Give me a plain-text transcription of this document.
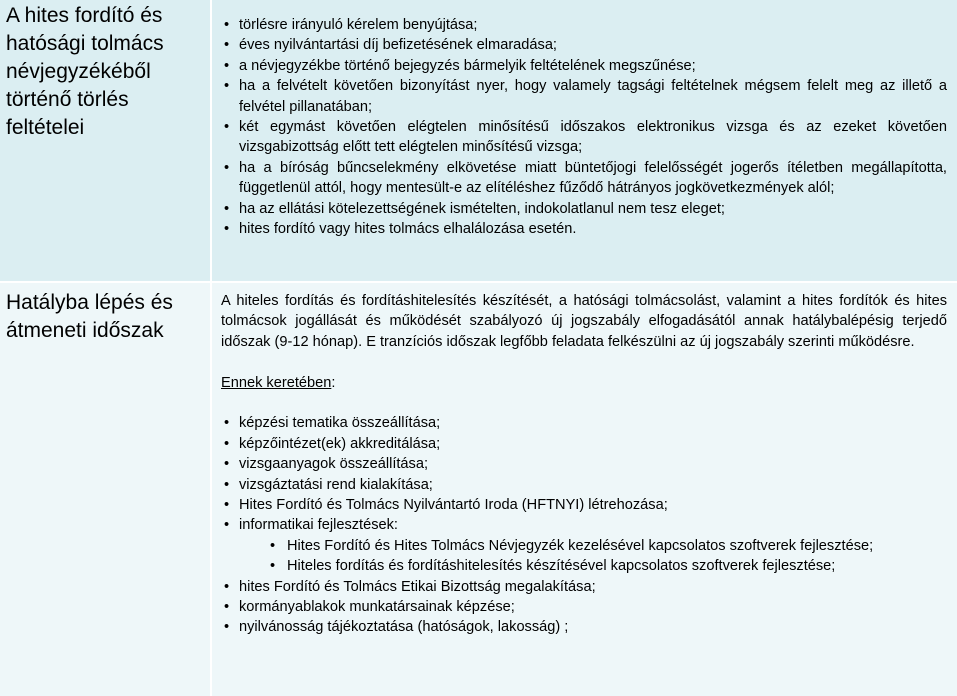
A hites fordító és hatósági tolmács névjegyzékéből történő törlés feltételei
• törlésre irányuló kérelem benyújtása;
• éves nyilvántartási díj befizetésének elmaradása;
• a névjegyzékbe történő bejegyzés bármelyik feltételének megszűnése;
• ha a felvételt követően bizonyítást nyer, hogy valamely tagsági feltételnek mégsem felelt meg az illető a felvétel pillanatában;
• két egymást követően elégtelen minősítésű időszakos elektronikus vizsga és az ezeket követően vizsgabizottság előtt tett elégtelen minősítésű vizsga;
• ha a bíróság bűncselekmény elkövetése miatt büntetőjogi felelősségét jogerős ítéletben megállapította, függetlenül attól, hogy mentesült-e az elítéléshez fűződő hátrányos jogkövetkezmények alól;
• ha az ellátási kötelezettségének ismételten, indokolatlanul nem tesz eleget;
• hites fordító vagy hites tolmács elhalálozása esetén.
Hatályba lépés és átmeneti időszak

A hiteles fordítás és fordításhitelesítés készítését, a hatósági tolmácsolást, valamint a hites fordítók és hites tolmácsok jogállását és működését szabályozó új jogszabály elfogadásától annak hatálybalépésig terjedő időszak (9-12 hónap). E tranzíciós időszak legfőbb feladata felkészülni az új jogszabály szerinti működésre.

Ennek keretében:

• képzési tematika összeállítása;
• képzőintézet(ek) akkreditálása;
• vizsgaanyagok összeállítása;
• vizsgáztatási rend kialakítása;
• Hites Fordító és Tolmács Nyilvántartó Iroda (HFTNYI) létrehozása;
• informatikai fejlesztések:
• Hites Fordító és Hites Tolmács Névjegyzék kezelésével kapcsolatos szoftverek fejlesztése;
• Hiteles fordítás és fordításhitelesítés készítésével kapcsolatos szoftverek fejlesztése;
• hites Fordító és Tolmács Etikai Bizottság megalakítása;
• kormányablakok munkatársainak képzése;
• nyilvánosság tájékoztatása (hatóságok, lakosság) ;
